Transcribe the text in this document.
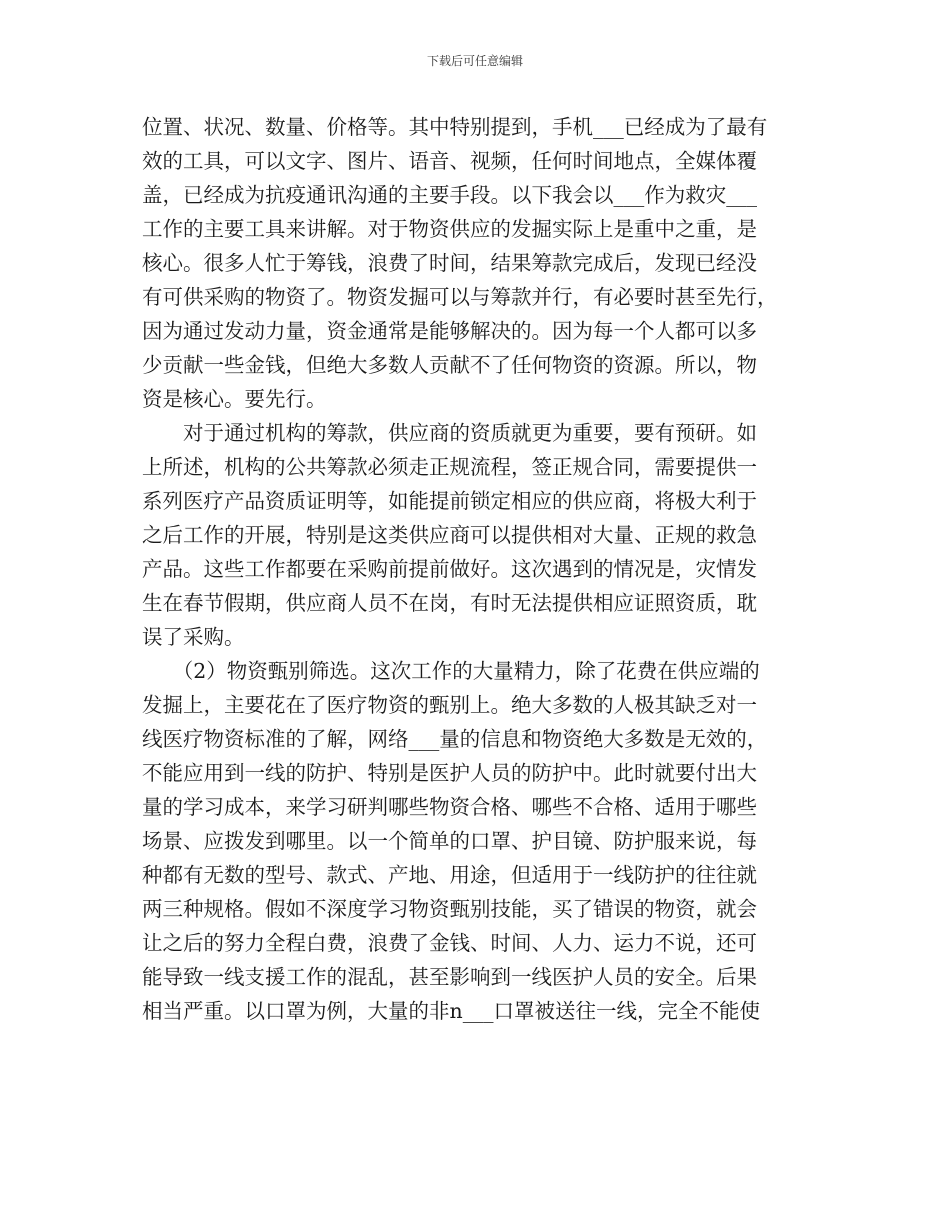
下载后可任意编辑
位置、状况、数量、价格等。其中特别提到，手机___已经成为了最有
效的工具，可以文字、图片、语音、视频，任何时间地点，全媒体覆
盖，已经成为抗疫通讯沟通的主要手段。以下我会以___作为救灾___
工作的主要工具来讲解。对于物资供应的发掘实际上是重中之重，是
核心。很多人忙于筹钱，浪费了时间，结果筹款完成后，发现已经没
有可供采购的物资了。物资发掘可以与筹款并行，有必要时甚至先行，
因为通过发动力量，资金通常是能够解决的。因为每一个人都可以多
少贡献一些金钱，但绝大多数人贡献不了任何物资的资源。所以，物
资是核心。要先行。
　　对于通过机构的筹款，供应商的资质就更为重要，要有预研。如
上所述，机构的公共筹款必须走正规流程，签正规合同，需要提供一
系列医疗产品资质证明等，如能提前锁定相应的供应商，将极大利于
之后工作的开展，特别是这类供应商可以提供相对大量、正规的救急
产品。这些工作都要在采购前提前做好。这次遇到的情况是，灾情发
生在春节假期，供应商人员不在岗，有时无法提供相应证照资质，耽
误了采购。
　　（2）物资甄别筛选。这次工作的大量精力，除了花费在供应端的
发掘上，主要花在了医疗物资的甄别上。绝大多数的人极其缺乏对一
线医疗物资标准的了解，网络___量的信息和物资绝大多数是无效的，
不能应用到一线的防护、特别是医护人员的防护中。此时就要付出大
量的学习成本，来学习研判哪些物资合格、哪些不合格、适用于哪些
场景、应拨发到哪里。以一个简单的口罩、护目镜、防护服来说，每
种都有无数的型号、款式、产地、用途，但适用于一线防护的往往就
两三种规格。假如不深度学习物资甄别技能，买了错误的物资，就会
让之后的努力全程白费，浪费了金钱、时间、人力、运力不说，还可
能导致一线支援工作的混乱，甚至影响到一线医护人员的安全。后果
相当严重。以口罩为例，大量的非n___口罩被送往一线，完全不能使
